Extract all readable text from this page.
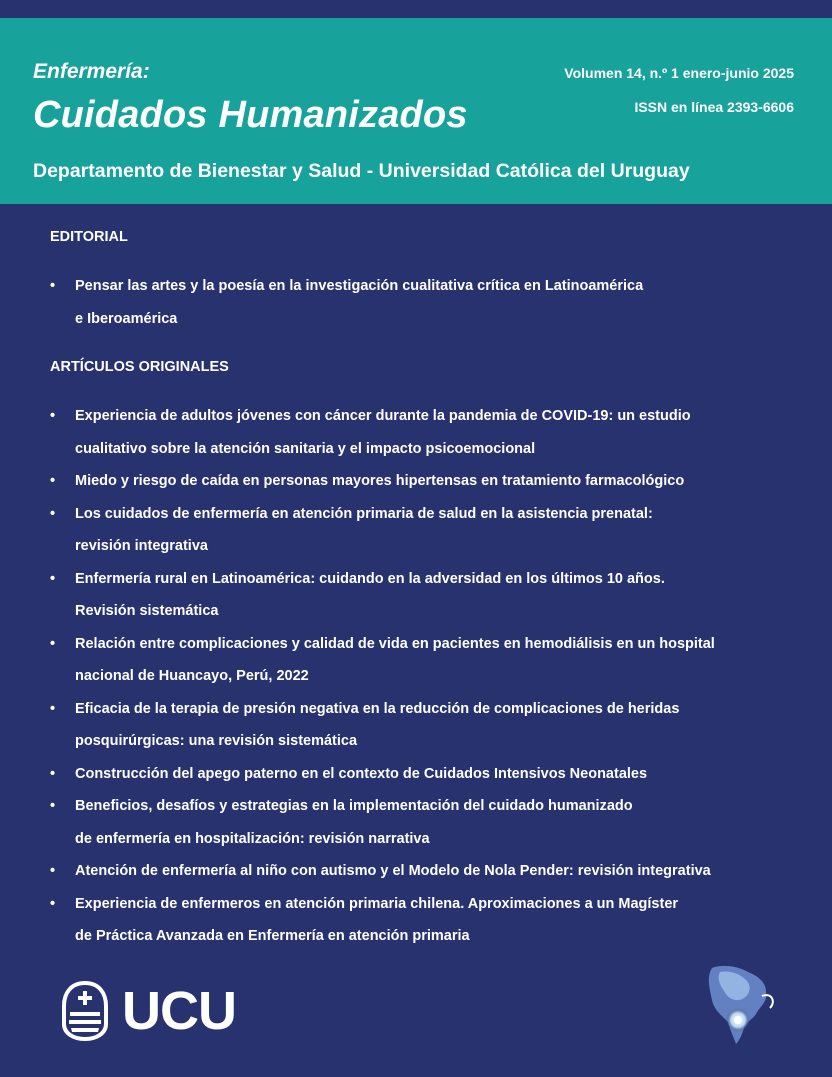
Enfermería:
Cuidados Humanizados
Departamento de Bienestar y Salud - Universidad Católica del Uruguay
Volumen 14, n.º 1 enero-junio 2025
ISSN en línea 2393-6606
EDITORIAL
• Pensar las artes y la poesía en la investigación cualitativa crítica en Latinoamérica
e Iberoamérica
ARTÍCULOS ORIGINALES
• Experiencia de adultos jóvenes con cáncer durante la pandemia de COVID-19: un estudio
cualitativo sobre la atención sanitaria y el impacto psicoemocional
• Miedo y riesgo de caída en personas mayores hipertensas en tratamiento farmacológico
• Los cuidados de enfermería en atención primaria de salud en la asistencia prenatal:
revisión integrativa
• Enfermería rural en Latinoamérica: cuidando en la adversidad en los últimos 10 años.
Revisión sistemática
• Relación entre complicaciones y calidad de vida en pacientes en hemodiálisis en un hospital
nacional de Huancayo, Perú, 2022
• Eficacia de la terapia de presión negativa en la reducción de complicaciones de heridas
posquirúrgicas: una revisión sistemática
• Construcción del apego paterno en el contexto de Cuidados Intensivos Neonatales
• Beneficios, desafíos y estrategias en la implementación del cuidado humanizado
de enfermería en hospitalización: revisión narrativa
• Atención de enfermería al niño con autismo y el Modelo de Nola Pender: revisión integrativa
• Experiencia de enfermeros en atención primaria chilena. Aproximaciones a un Magíster
de Práctica Avanzada en Enfermería en atención primaria
UCU
